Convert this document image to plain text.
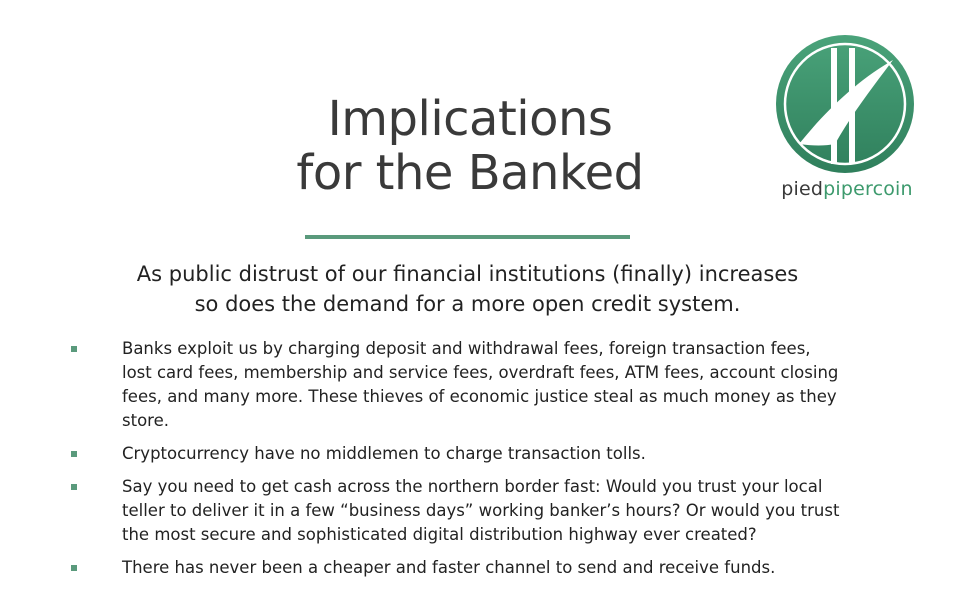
Implications
for the Banked
As public distrust of our financial institutions (finally) increases
so does the demand for a more open credit system.
Banks exploit us by charging deposit and withdrawal fees, foreign transaction fees, lost card fees, membership and service fees, overdraft fees, ATM fees, account closing fees, and many more. These thieves of economic justice steal as much money as they store.
Cryptocurrency have no middlemen to charge transaction tolls.
Say you need to get cash across the northern border fast: Would you trust your local teller to deliver it in a few “business days” working banker’s hours? Or would you trust the most secure and sophisticated digital distribution highway ever created?
There has never been a cheaper and faster channel to send and receive funds.
piedpipercoin
